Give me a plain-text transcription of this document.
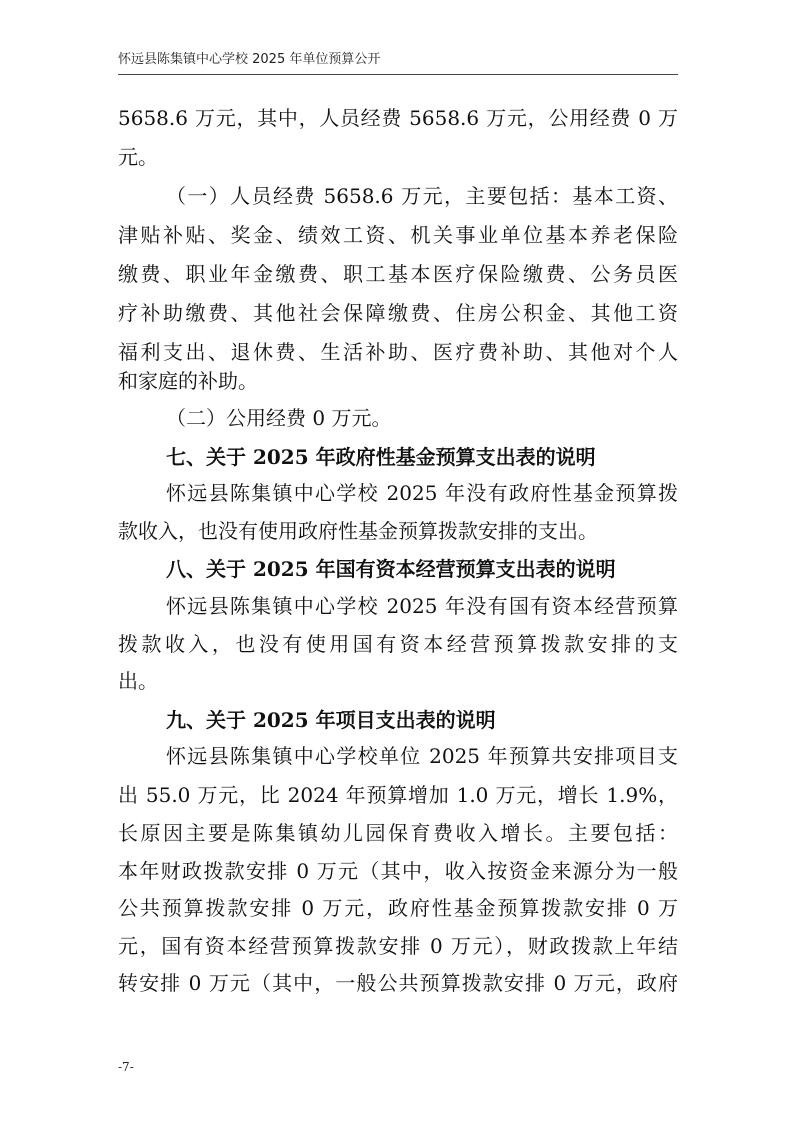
怀远县陈集镇中心学校 2025 年单位预算公开
5658.6 万元，其中，人员经费 5658.6 万元，公用经费 0 万
元。
（一）人员经费 5658.6 万元，主要包括：基本工资、
津贴补贴、奖金、绩效工资、机关事业单位基本养老保险
缴费、职业年金缴费、职工基本医疗保险缴费、公务员医
疗补助缴费、其他社会保障缴费、住房公积金、其他工资
福利支出、退休费、生活补助、医疗费补助、其他对个人
和家庭的补助。
（二）公用经费 0 万元。
七、关于 2025 年政府性基金预算支出表的说明
怀远县陈集镇中心学校 2025 年没有政府性基金预算拨
款收入，也没有使用政府性基金预算拨款安排的支出。
八、关于 2025 年国有资本经营预算支出表的说明
怀远县陈集镇中心学校 2025 年没有国有资本经营预算
拨款收入，也没有使用国有资本经营预算拨款安排的支
出。
九、关于 2025 年项目支出表的说明
怀远县陈集镇中心学校单位 2025 年预算共安排项目支
出 55.0 万元，比 2024 年预算增加 1.0 万元，增长 1.9%，
长原因主要是陈集镇幼儿园保育费收入增长。主要包括：
本年财政拨款安排 0 万元（其中，收入按资金来源分为一般
公共预算拨款安排 0 万元，政府性基金预算拨款安排 0 万
元，国有资本经营预算拨款安排 0 万元），财政拨款上年结
转安排 0 万元（其中，一般公共预算拨款安排 0 万元，政府
-7-
